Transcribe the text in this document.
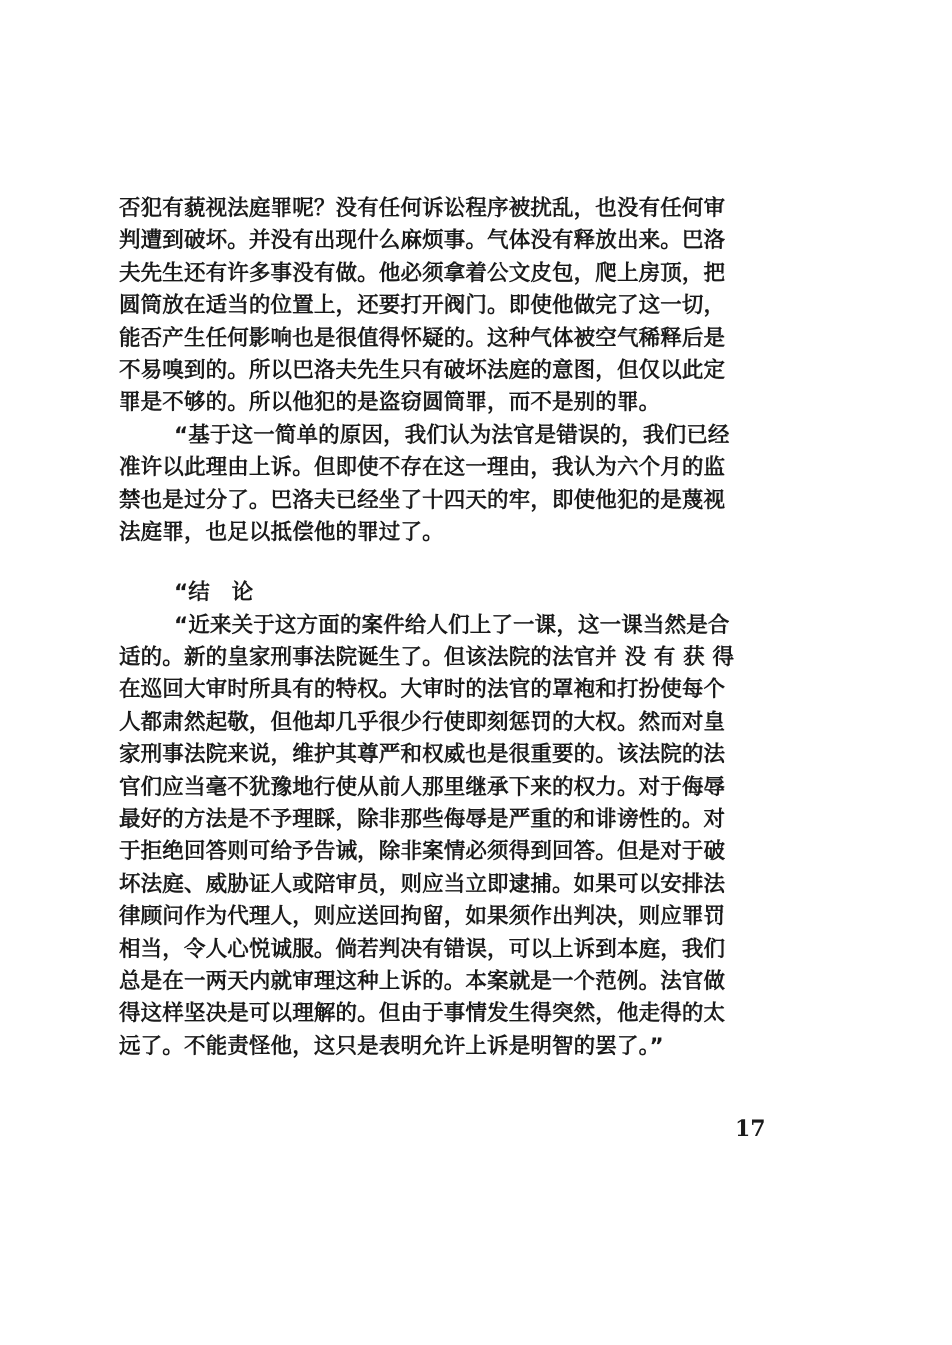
否犯有藐视法庭罪呢？没有任何诉讼程序被扰乱，也没有任何审
判遭到破坏。并没有出现什么麻烦事。气体没有释放出来。巴洛
夫先生还有许多事没有做。他必须拿着公文皮包，爬上房顶，把
圆筒放在适当的位置上，还要打开阀门。即使他做完了这一切，
能否产生任何影响也是很值得怀疑的。这种气体被空气稀释后是
不易嗅到的。所以巴洛夫先生只有破坏法庭的意图，但仅以此定
罪是不够的。所以他犯的是盗窃圆筒罪，而不是别的罪。
“基于这一简单的原因，我们认为法官是错误的，我们已经
准许以此理由上诉。但即使不存在这一理由，我认为六个月的监
禁也是过分了。巴洛夫已经坐了十四天的牢，即使他犯的是蔑视
法庭罪，也足以抵偿他的罪过了。
“结　论
“近来关于这方面的案件给人们上了一课，这一课当然是合
适的。新的皇家刑事法院诞生了。但该法院的法官并 没 有 获 得
在巡回大审时所具有的特权。大审时的法官的罩袍和打扮使每个
人都肃然起敬，但他却几乎很少行使即刻惩罚的大权。然而对皇
家刑事法院来说，维护其尊严和权威也是很重要的。该法院的法
官们应当毫不犹豫地行使从前人那里继承下来的权力。对于侮辱
最好的方法是不予理睬，除非那些侮辱是严重的和诽谤性的。对
于拒绝回答则可给予告诫，除非案情必须得到回答。但是对于破
坏法庭、威胁证人或陪审员，则应当立即逮捕。如果可以安排法
律顾问作为代理人，则应送回拘留，如果须作出判决，则应罪罚
相当，令人心悦诚服。倘若判决有错误，可以上诉到本庭，我们
总是在一两天内就审理这种上诉的。本案就是一个范例。法官做
得这样坚决是可以理解的。但由于事情发生得突然，他走得的太
远了。不能责怪他，这只是表明允许上诉是明智的罢了。”
17
